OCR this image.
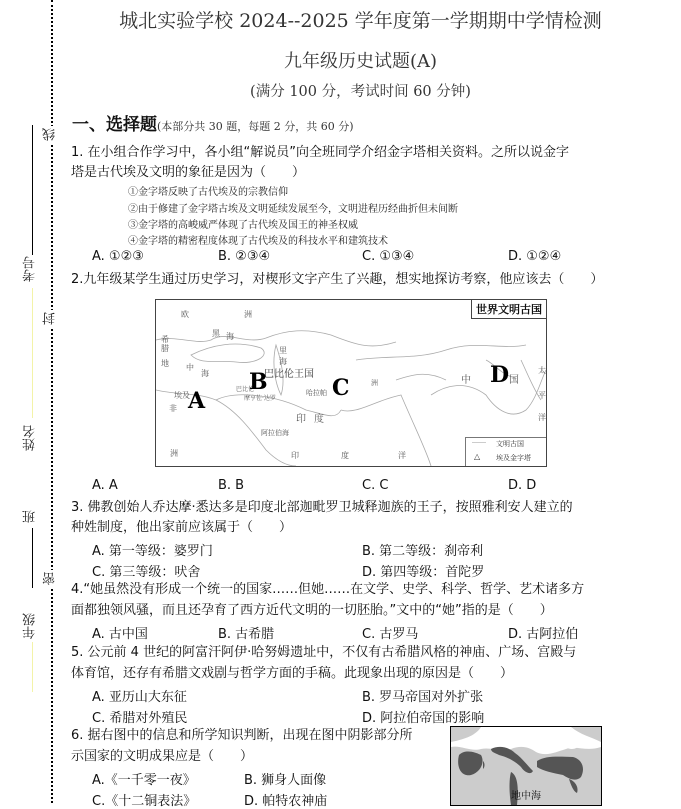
考号
姓名
班
年级
线
封
密
城北实验学校 2024--2025 学年度第一学期期中学情检测
九年级历史试题(A)
(满分 100 分，考试时间 60 分钟)
一、选择题(本部分共 30 题，每题 2 分，共 60 分)
1. 在小组合作学习中，各小组“解说员”向全班同学介绍金字塔相关资料。之所以说金字
塔是古代埃及文明的象征是因为（　　）
①金字塔反映了古代埃及的宗教信仰
②由于修建了金字塔古埃及文明延续发展至今，文明进程历经曲折但未间断
③金字塔的高峻威严体现了古代埃及国王的神圣权威
④金字塔的精密程度体现了古代埃及的科技水平和建筑技术
A. ①②③	B. ②③④	C. ①③④	D. ①②④
2.九年级某学生通过历史学习，对楔形文字产生了兴趣，想实地探访考察，他应该去（　　）
世界文明古国
欧	洲
希腊
地 中
海
黑 海
里
海
巴比伦王国
巴比伦
埃及
非
洲
摩亨佐·达罗
哈拉帕
印 度
阿拉伯海
洲	中	国
印	度	洋
太
平
洋
A
B	C	D
文明古国
△ 埃及金字塔
A. A	B. B	C. C	D. D
3. 佛教创始人乔达摩·悉达多是印度北部迦毗罗卫城释迦族的王子，按照雅利安人建立的
种姓制度，他出家前应该属于（　　）
A. 第一等级：婆罗门	B. 第二等级：刹帝利
C. 第三等级：吠舍	D. 第四等级：首陀罗
4.“她虽然没有形成一个统一的国家……但她……在文学、史学、科学、哲学、艺术诸多方
面都独领风骚，而且还孕育了西方近代文明的一切胚胎。”文中的“她”指的是（　　）
A. 古中国	B. 古希腊	C. 古罗马	D. 古阿拉伯
5. 公元前 4 世纪的阿富汗阿伊·哈努姆遗址中，不仅有古希腊风格的神庙、广场、宫殿与
体育馆，还存有希腊文戏剧与哲学方面的手稿。此现象出现的原因是（　　）
A. 亚历山大东征	B. 罗马帝国对外扩张
C. 希腊对外殖民	D. 阿拉伯帝国的影响
6. 据右图中的信息和所学知识判断，出现在图中阴影部分所
示国家的文明成果应是（　　）
A.《一千零一夜》	B. 狮身人面像
C.《十二铜表法》	D. 帕特农神庙	地中海
